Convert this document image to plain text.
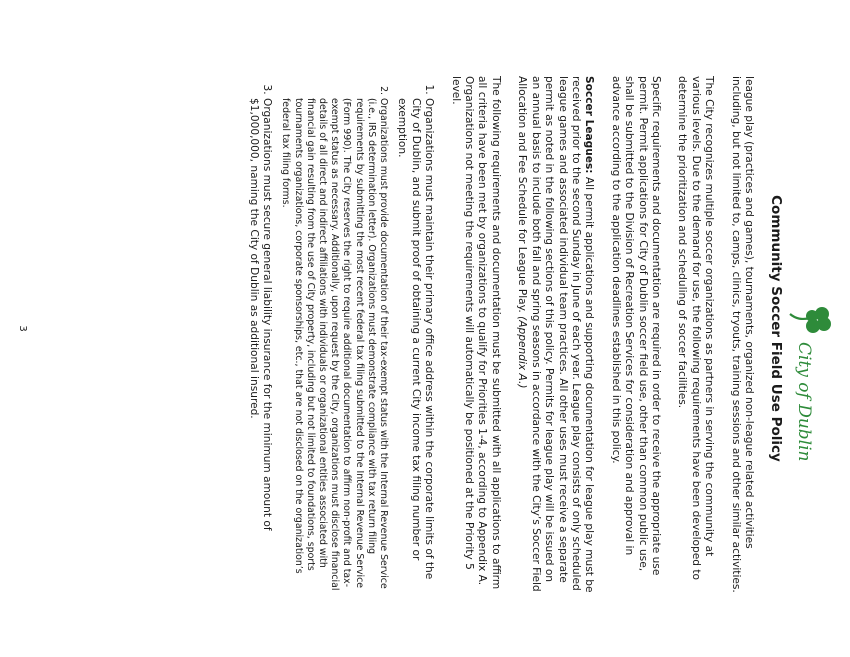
City of Dublin
Community Soccer Field Use Policy

league play (practices and games), tournaments, organized non-league related activities including, but not limited to, camps, clinics, tryouts, training sessions and other similar activities.

The City recognizes multiple soccer organizations as partners in serving the community at various levels. Due to the demand for use, the following requirements have been developed to determine the prioritization and scheduling of soccer facilities.

Specific requirements and documentation are required in order to receive the appropriate use permit. Permit applications for City of Dublin soccer field use, other than common public use, shall be submitted to the Division of Recreation Services for consideration and approval in advance according to the application deadlines established in this policy.

Soccer Leagues: All permit applications and supporting documentation for league play must be received prior to the second Sunday in June of each year. League play consists of only scheduled league games and associated individual team practices. All other uses must receive a separate permit as noted in the following sections of this policy. Permits for league play will be issued on an annual basis to include both fall and spring seasons in accordance with the City’s Soccer Field Allocation and Fee Schedule for League Play. (Appendix A.)

The following requirements and documentation must be submitted with all applications to affirm all criteria have been met by organizations to qualify for Priorities 1-4, according to Appendix A. Organizations not meeting the requirements will automatically be positioned at the Priority 5 level.

1. Organizations must maintain their primary office address within the corporate limits of the City of Dublin, and submit proof of obtaining a current City income tax filing number or exemption.
2. Organizations must provide documentation of their tax-exempt status with the Internal Revenue Service (i.e., IRS determination letter). Organizations must demonstrate compliance with tax return filing requirements by submitting the most recent federal tax filing submitted to the Internal Revenue Service (Form 990). The City reserves the right to require additional documentation to affirm non-profit and tax-exempt status as necessary. Additionally, upon request by the City, organizations must disclose financial details of all direct and indirect affiliations with individuals or organizational entities associated with financial gain resulting from the use of City property, including but not limited to foundations, sports tournaments organizations, corporate sponsorships, etc., that are not disclosed on the organization’s federal tax filing forms.
3. Organizations must secure general liability insurance for the minimum amount of $1,000,000, naming the City of Dublin as additional insured.
3
